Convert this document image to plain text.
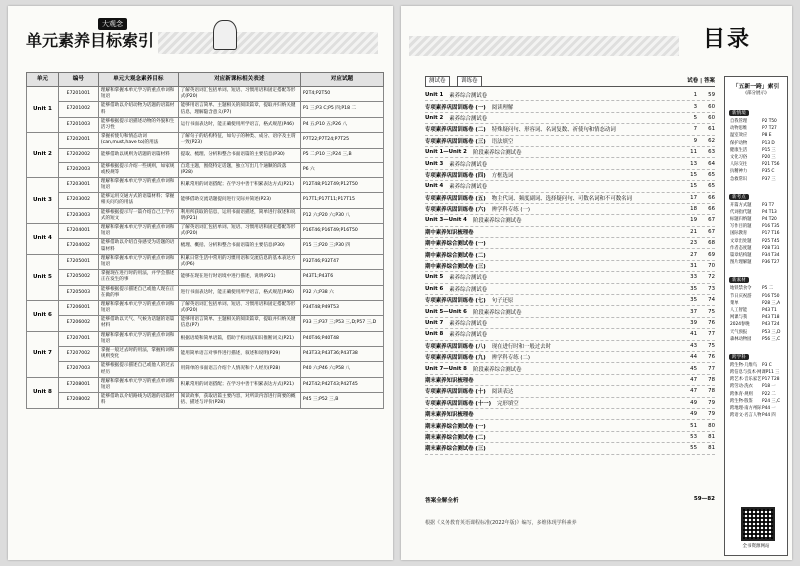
大观念
单元素养目标索引
单元	编号	单元大观念素养目标	对应新课标相关表述	对应试题
Unit 1	E7201001	理解和掌握本单元学习的重点单词和短语	了解英语词汇包括单词、短语、习惯用语和固定搭配等形式(P20)	P2T4;P2T50
	E7201002	能够借助以介绍动物为话题的语篇材料	能够用语言简单、主题相关的阅读篇章，提取并归纳关键信息，理解隐含意义(P7)	P1 三;P3 C;P5 四;P18 二
	E7201003	能够根据提示语描述动物的外貌和生活习性	运行书面表达时，能正确使用所学语言，格式规范(P46)	P4 五;P10 五;P26 八
Unit 2	E7202001	掌握祈使句和情态动词(can,must,have to)的用法	了解句子的结构特征，如句子的种类、成分、语序及主谓一致(P23)	P7T22;P7T24;P7T25
	E7202002	能够借助以规则为话题的语篇材料	提取、梳理、分析和整合书面语篇的主要信息(P30)	P5 二;P10 三;P24 三,B
	E7202003	能够根据提示介绍一些规则，如家规或校规等	自选主题，围绕特定话题，独立写出几个通顺的段落(P28)	P6 六
Unit 3	E7203001	理解和掌握本单元学习的重点单词和短语	积累常用的词语搭配；在学习中善于积累表达方式(P21)	P12T48;P12T49;P12T50
	E7203002	能够运用交通方式的语篇材料；掌握相关问句的用法	能够借助交流话题提问进行交际并简述(P23)	P17T1;P17T11;P17T15
	E7203003	能够根据提示写一篇介绍自己上学方式的短文	利用所获取的信息，运用书面语描述，简单进行叙述和说明(P21)	P12 六;P20 六;P30 八
Unit 4	E7204001	理解和掌握本单元学习的重点单词和短语	了解英语词汇包括单词、短语、习惯用语和固定搭配等形式(P20)	P16T46;P16T49;P16T50
	E7204002	能够借助以介绍自身感受为话题的语篇材料	梳理、概括、分析和整合书面语篇的主要信息(P30)	P15 三;P20 三;P30 四
Unit 5	E7205001	理解和掌握本单元学习的重点单词和短语	积累日常生活中常用的习惯用语和交流信息的基本表达方式(P6)	P32T46;P32T47
	E7205002	掌握现在进行时的用法，并学会描述正在发生的事	能够在现在进行时语境中进行描述，说明(P21)	P43T1;P43T6
	E7205003	能够根据提示描述自己或他人现在正在做的事	进行书面表达时，能正确使用所学语言，格式规范(P46)	P32 六;P38 六
Unit 6	E7206001	理解和掌握本单元学习的重点单词和短语	了解英语词汇包括单词、短语、习惯用语和固定搭配等形式(P20)	P34T48;P49T53
	E7206002	能够借助以天气、气候为话题的语篇材料	能够用语言简单、主题相关的阅读篇章，提取并归纳关键信息(P7)	P33 三;P37 三;P53 三,D;P57 三,D
Unit 7	E7207001	理解和掌握本单元学习的重点单词和短语	根据语境和简单语篇，借助于构词法知识推断词义(P21)	P40T46;P40T48
	E7207002	掌握一般过去时的用法，掌握构词和规则变化	能用简单语言对事件进行描述，叙述和说明(P29)	P43T33;P43T36;P43T38
	E7207003	能够根据提示描述自己或他人的过去经历	用简单的书面语言介绍个人情况和个人经历(P28)	P40 六;P46 六;P58 八
Unit 8	E7208001	理解和掌握本单元学习的重点单词和短语	积累常用的词语搭配；在学习中善于积累表达方式(P21)	P42T42;P42T43;P42T45
	E7208002	能够借助以介绍路线为话题的语篇材料	阅读故事，获取语篇主要内容，对所读内容进行简要的概括、描述与评价(P28)	P45 三;P52 三,B
目录
测试卷	训练卷	试卷 | 答案
Unit 1 素养综合测试卷	1	59
专项素养巩固训练卷 (一) 阅读理解	3	60
Unit 2 素养综合测试卷	5	60
专项素养巩固训练卷 (二) 特殊疑问句、形容词、名词复数、祈使句和情态动词	7	61
专项素养巩固训练卷 (三) 语法填空	9	62
Unit 1—Unit 2 阶段素养综合测试卷	11	63
Unit 3 素养综合测试卷	13	64
专项素养巩固训练卷 (四) 方框选词	15	65
Unit 4 素养综合测试卷	15	65
专项素养巩固训练卷 (五) 物主代词、频度副词、选择疑问句、可数名词和不可数名词	17	66
专项素养巩固训练卷 (六) 辨学科专练 (一)	18	66
Unit 3—Unit 4 阶段素养综合测试卷	19	67
期中素养知识梳理卷	21	67
期中素养综合测试卷 (一)	23	68
期中素养综合测试卷 (二)	27	69
期中素养综合测试卷 (三)	31	70
Unit 5 素养综合测试卷	33	72
Unit 6 素养综合测试卷	35	73
专项素养巩固训练卷 (七) 句子还原	35	74
Unit 5—Unit 6 阶段素养综合测试卷	37	75
Unit 7 素养综合测试卷	39	76
Unit 8 素养综合测试卷	41	77
专项素养巩固训练卷 (八) 现在进行时和一般过去时	43	75
专项素养巩固训练卷 (九) 辨学科专练 (二)	44	76
Unit 7—Unit 8 阶段素养综合测试卷	45	77
期末素养知识梳理卷	47	78
专项素养巩固训练卷 (十) 阅读表达	47	78
专项素养巩固训练卷 (十一) 完形填空	49	79
期末素养知识梳理卷	49	79
期末素养综合测试卷 (一)	51	80
期末素养综合测试卷 (二)	53	81
期末素养综合测试卷 (三)	55	81
答案全解全析	59—82
根据《义务教育英语课程标准(2022年版)》编写，多维体现学科素养
「五新一跨」索引
(部分展示)
新情境
自我管理	P2 T50
动物思维	P7 T27
温室效应	P8 E
保护动物	P13 D
健康生活	P15 三
文化习俗	P20 三
人际交往	P21 T56
抗精神力	P35 C
急救常识	P37 三
新考点
开篇方式题	P3 T7
代词指代题	P4 T13
标题归纳题	P4 T20
写作目的题	P16 T35
国际教育	P17 T16
文章出处题	P25 T45
作者态度题	P28 T31
篇章结构题	P34 T34
图片理解题	P36 T27
新素材
地铁禁食令	P5 二
节日庆祝游	P16 T50
菜单	P28 三,A
人工智能	P43 T1
网课与我	P43 T18
2024春晚	P43 T24
天气预报	P53 三,D
森林动物园	P56 三,C
跨学科
跨生物·几维鸟	P3 C
跨信息与技术·网课 P11 三
跨艺术·音乐家艺 P17 T28
跨劳动·洗衣	P18 一
跨体育·规则	P22 二
跨生物·殷鉴	P24 三,C
跨地理·南方州际 P44 一
跨语文·名言人物 P44 四
全书资源网站
